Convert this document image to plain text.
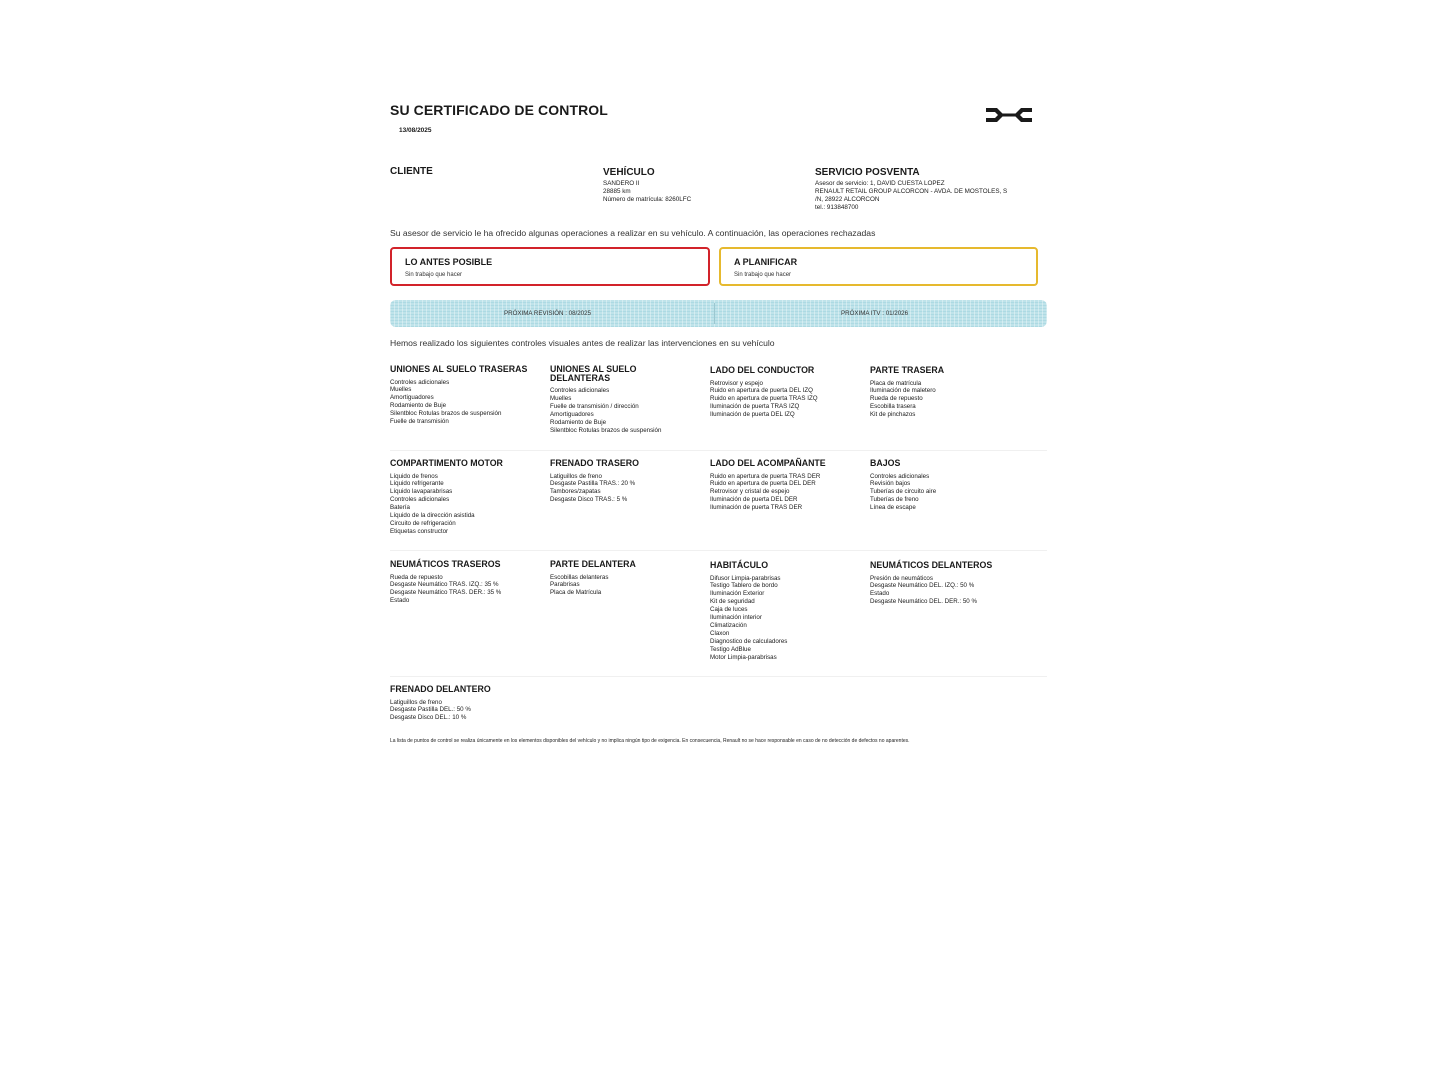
SU CERTIFICADO DE CONTROL
13/08/2025
CLIENTE	VEHÍCULO
SANDERO II
28885 km
Número de matrícula: 8260LFC
SERVICIO POSVENTA
Asesor de servicio: 1, DAVID CUESTA LOPEZ
RENAULT RETAIL GROUP ALCORCON - AVDA. DE MOSTOLES, S
/N, 28922 ALCORCON
tel.: 913848700
Su asesor de servicio le ha ofrecido algunas operaciones a realizar en su vehículo. A continuación, las operaciones rechazadas
LO ANTES POSIBLE
Sin trabajo que hacer
A PLANIFICAR
Sin trabajo que hacer
PRÓXIMA REVISIÓN : 08/2025	PRÓXIMA ITV : 01/2026
Hemos realizado los siguientes controles visuales antes de realizar las intervenciones en su vehículo
UNIONES AL SUELO TRASERAS
Controles adicionales
Muelles
Amortiguadores
Rodamiento de Buje
Silentbloc Rotulas brazos de suspensión
Fuelle de transmisión
UNIONES AL SUELO DELANTERAS
Controles adicionales
Muelles
Fuelle de transmisión / dirección
Amortiguadores
Rodamiento de Buje
Silentbloc Rotulas brazos de suspensión
LADO DEL CONDUCTOR
Retrovisor y espejo
Ruido en apertura de puerta DEL IZQ
Ruido en apertura de puerta TRAS IZQ
Iluminación de puerta TRAS IZQ
Iluminación de puerta DEL IZQ
PARTE TRASERA
Placa de matrícula
Iluminación de maletero
Rueda de repuesto
Escobilla trasera
Kit de pinchazos
COMPARTIMENTO MOTOR
Líquido de frenos
Líquido refrigerante
Líquido lavaparabrisas
Controles adicionales
Batería
Líquido de la dirección asistida
Circuito de refrigeración
Etiquetas constructor
FRENADO TRASERO
Latiguillos de freno
Desgaste Pastilla TRAS.: 20 %
Tambores/zapatas
Desgaste Disco TRAS.: 5 %
LADO DEL ACOMPAÑANTE
Ruido en apertura de puerta TRAS DER
Ruido en apertura de puerta DEL DER
Retrovisor y cristal de espejo
Iluminación de puerta DEL DER
Iluminación de puerta TRAS DER
BAJOS
Controles adicionales
Revisión bajos
Tuberías de circuito aire
Tuberías de freno
Línea de escape
NEUMÁTICOS TRASEROS
Rueda de repuesto
Desgaste Neumático TRAS. IZQ.: 35 %
Desgaste Neumático TRAS. DER.: 35 %
Estado
PARTE DELANTERA
Escobillas delanteras
Parabrisas
Placa de Matrícula
HABITÁCULO
Difusor Limpia-parabrisas
Testigo Tablero de bordo
Iluminación Exterior
Kit de seguridad
Caja de luces
Iluminación interior
Climatización
Claxon
Diagnostico de calculadores
Testigo AdBlue
Motor Limpia-parabrisas
NEUMÁTICOS DELANTEROS
Presión de neumáticos
Desgaste Neumático DEL. IZQ.: 50 %
Estado
Desgaste Neumático DEL. DER.: 50 %
FRENADO DELANTERO
Latiguillos de freno
Desgaste Pastilla DEL.: 50 %
Desgaste Disco DEL.: 10 %
La lista de puntos de control se realiza únicamente en los elementos disponibles del vehículo y no implica ningún tipo de exigencia. En consecuencia, Renault no se hace responsable en caso de no detección de defectos no aparentes.
